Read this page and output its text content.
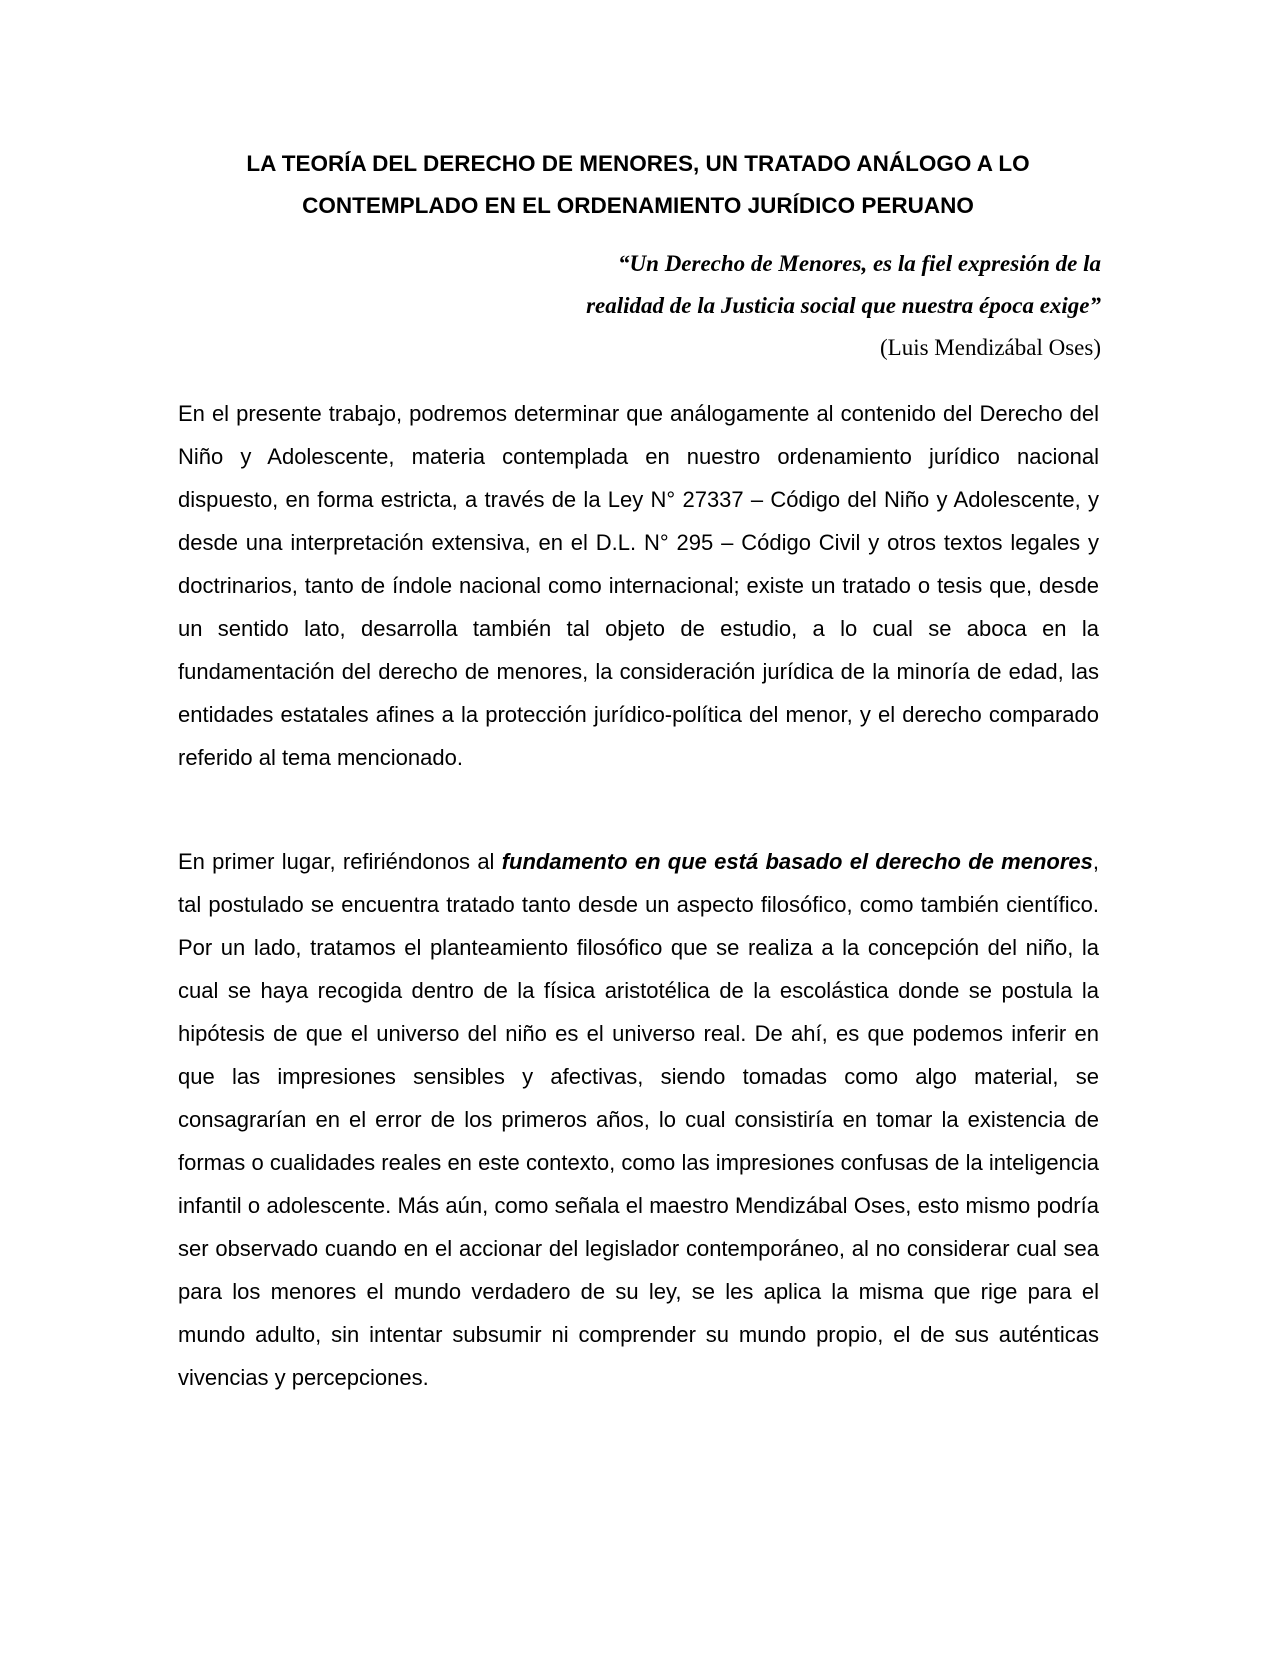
LA TEORÍA DEL DERECHO DE MENORES, UN TRATADO ANÁLOGO A LO CONTEMPLADO EN EL ORDENAMIENTO JURÍDICO PERUANO
“Un Derecho de Menores, es la fiel expresión de la
realidad de la Justicia social que nuestra época exige”
(Luis Mendizábal Oses)

En el presente trabajo, podremos determinar que análogamente al contenido del Derecho del Niño y Adolescente, materia contemplada en nuestro ordenamiento jurídico nacional dispuesto, en forma estricta, a través de la Ley N° 27337 – Código del Niño y Adolescente, y desde una interpretación extensiva, en el D.L. N° 295 – Código Civil y otros textos legales y doctrinarios, tanto de índole nacional como internacional; existe un tratado o tesis que, desde un sentido lato, desarrolla también tal objeto de estudio, a lo cual se aboca en la fundamentación del derecho de menores, la consideración jurídica de la minoría de edad, las entidades estatales afines a la protección jurídico-política del menor, y el derecho comparado referido al tema mencionado.

En primer lugar, refiriéndonos al fundamento en que está basado el derecho de menores, tal postulado se encuentra tratado tanto desde un aspecto filosófico, como también científico. Por un lado, tratamos el planteamiento filosófico que se realiza a la concepción del niño, la cual se haya recogida dentro de la física aristotélica de la escolástica donde se postula la hipótesis de que el universo del niño es el universo real. De ahí, es que podemos inferir en que las impresiones sensibles y afectivas, siendo tomadas como algo material, se consagrarían en el error de los primeros años, lo cual consistiría en tomar la existencia de formas o cualidades reales en este contexto, como las impresiones confusas de la inteligencia infantil o adolescente. Más aún, como señala el maestro Mendizábal Oses, esto mismo podría ser observado cuando en el accionar del legislador contemporáneo, al no considerar cual sea para los menores el mundo verdadero de su ley, se les aplica la misma que rige para el mundo adulto, sin intentar subsumir ni comprender su mundo propio, el de sus auténticas vivencias y percepciones.
